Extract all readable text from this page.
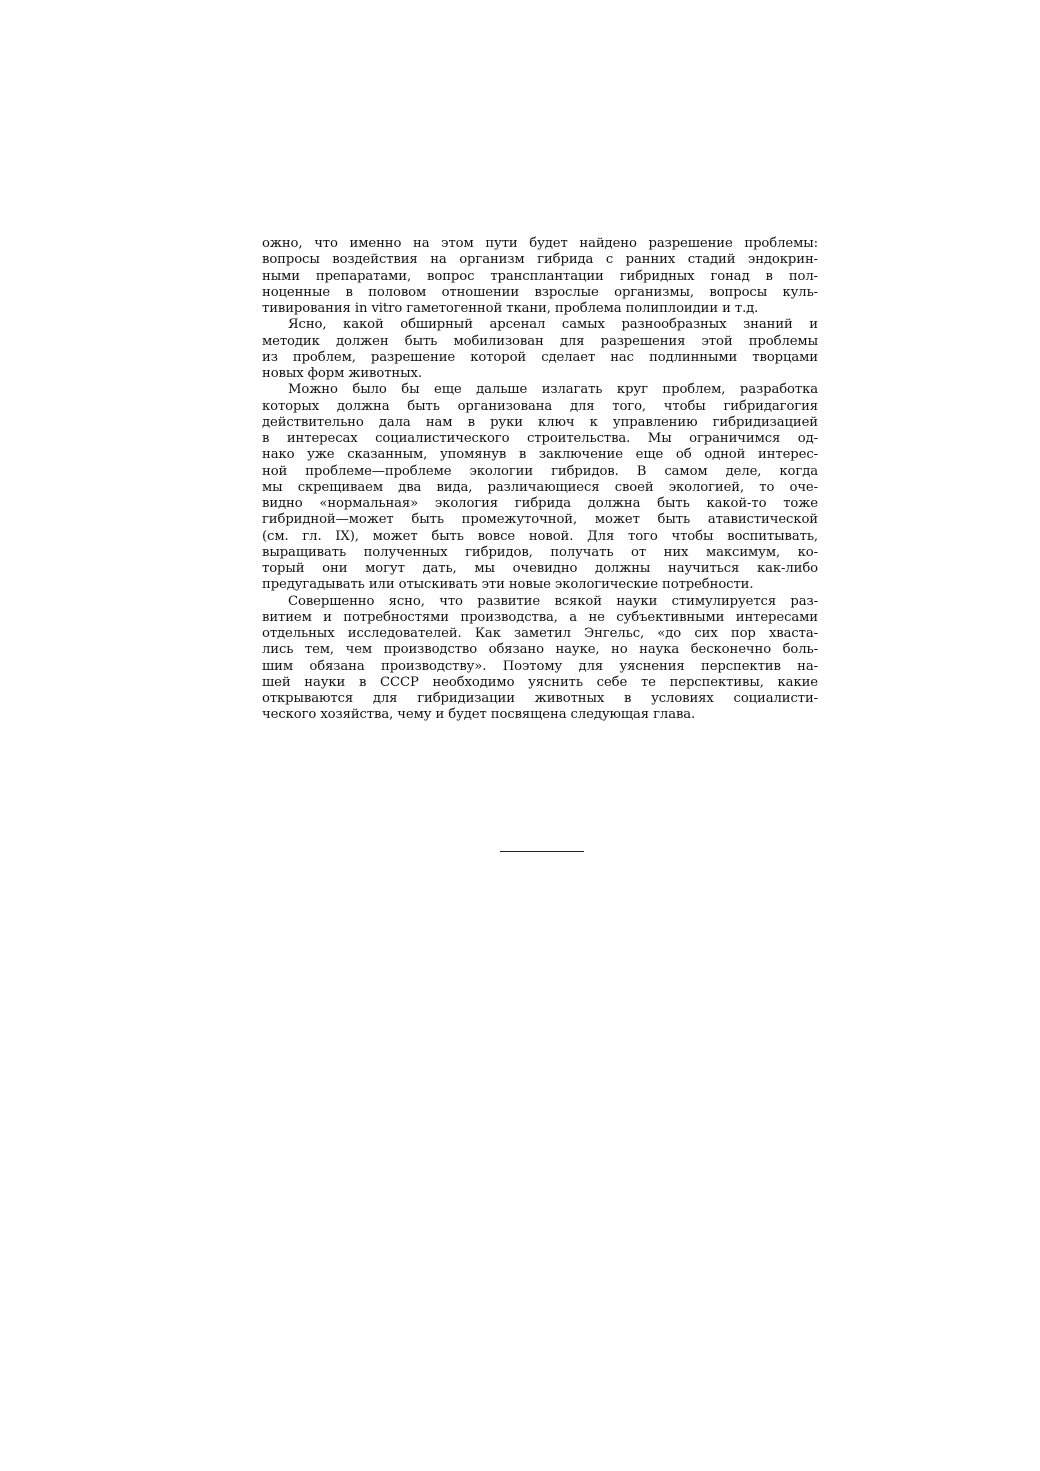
ожно, что именно на этом пути будет найдено разрешение проблемы:
вопросы воздействия на организм гибрида с ранних стадий эндокрин-
ными препаратами, вопрос трансплантации гибридных гонад в пол-
ноценные в половом отношении взрослые организмы, вопросы куль-
тивирования in vitro гаметогенной ткани, проблема полиплоидии и т.д.
Ясно, какой обширный арсенал самых разнообразных знаний и
методик должен быть мобилизован для разрешения этой проблемы
из проблем, разрешение которой сделает нас подлинными творцами
новых форм животных.
Можно было бы еще дальше излагать круг проблем, разработка
которых должна быть организована для того, чтобы гибридагогия
действительно дала нам в руки ключ к управлению гибридизацией
в интересах социалистического строительства. Мы ограничимся од-
нако уже сказанным, упомянув в заключение еще об одной интерес-
ной проблеме—проблеме экологии гибридов. В самом деле, когда
мы скрещиваем два вида, различающиеся своей экологией, то оче-
видно «нормальная» экология гибрида должна быть какой-то тоже
гибридной—может быть промежуточной, может быть атавистической
(см. гл. IX), может быть вовсе новой. Для того чтобы воспитывать,
выращивать полученных гибридов, получать от них максимум, ко-
торый они могут дать, мы очевидно должны научиться как-либо
предугадывать или отыскивать эти новые экологические потребности.
Совершенно ясно, что развитие всякой науки стимулируется раз-
витием и потребностями производства, а не субъективными интересами
отдельных исследователей. Как заметил Энгельс, «до сих пор хваста-
лись тем, чем производство обязано науке, но наука бесконечно боль-
шим обязана производству». Поэтому для уяснения перспектив на-
шей науки в СССР необходимо уяснить себе те перспективы, какие
открываются для гибридизации животных в условиях социалисти-
ческого хозяйства, чему и будет посвящена следующая глава.
